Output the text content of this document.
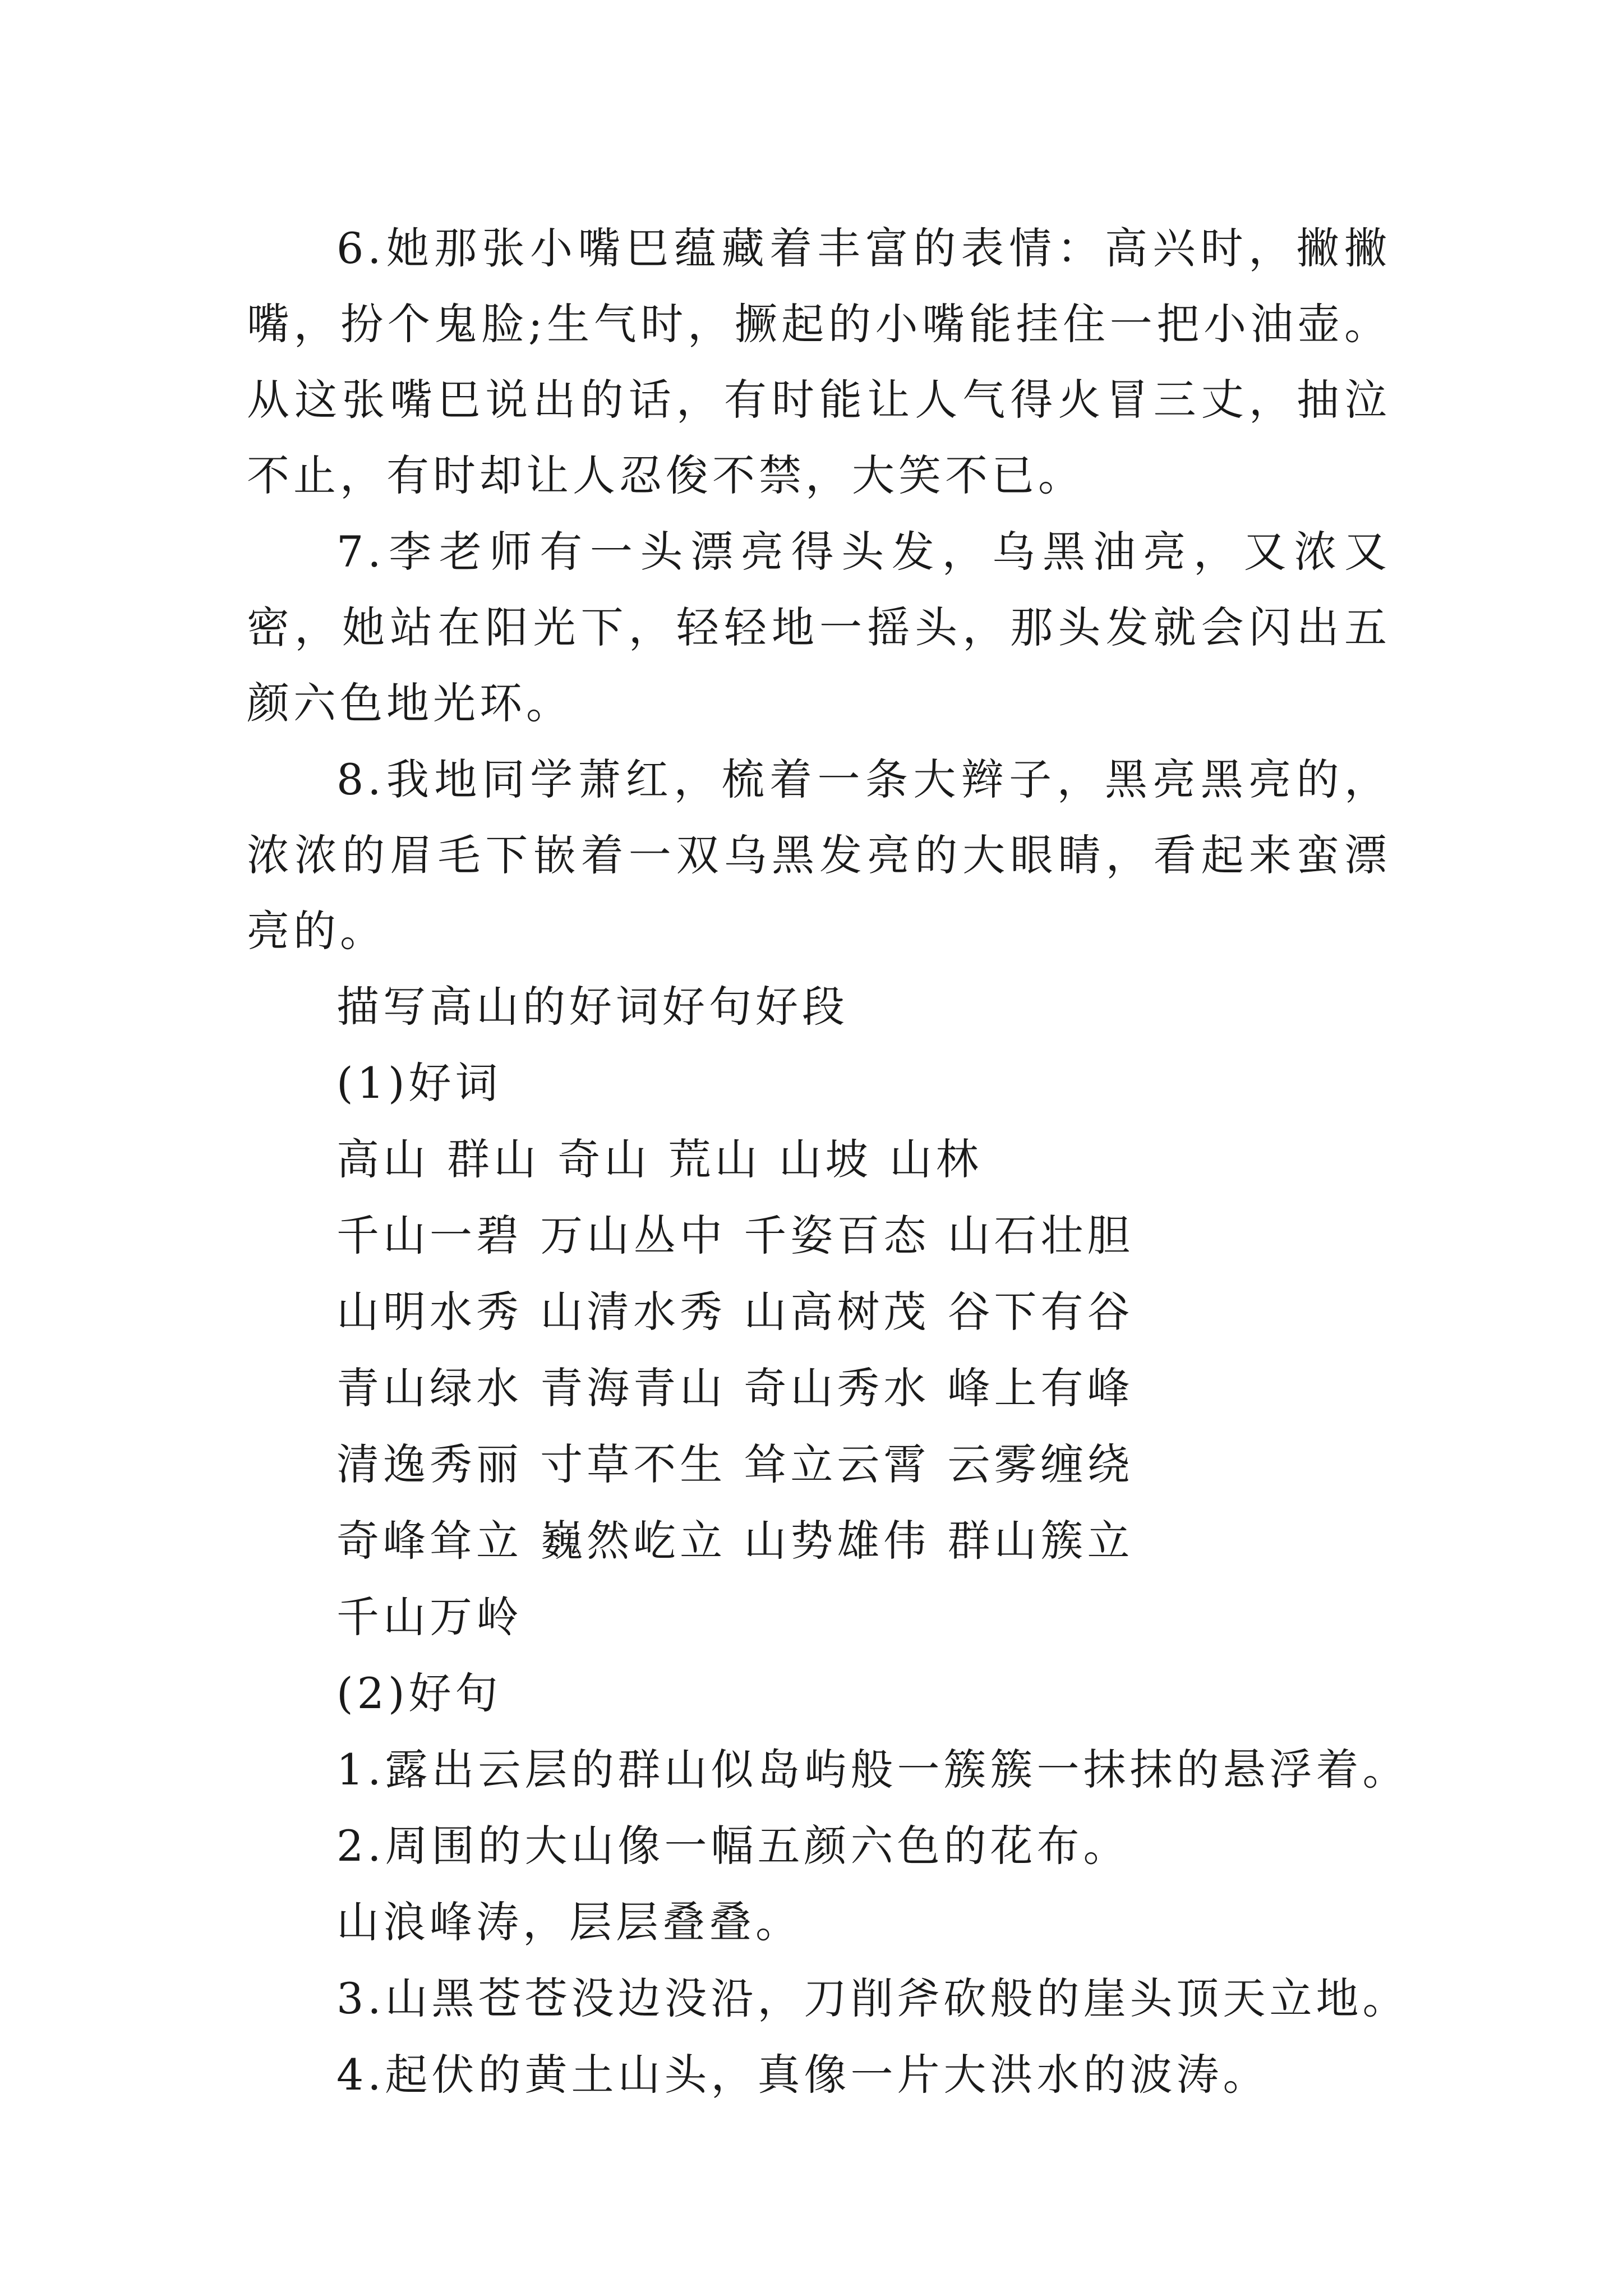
6.她那张小嘴巴蕴藏着丰富的表情：高兴时，撇撇嘴，扮个鬼脸;生气时，撅起的小嘴能挂住一把小油壶。从这张嘴巴说出的话，有时能让人气得火冒三丈，抽泣不止，有时却让人忍俊不禁，大笑不已。

7.李老师有一头漂亮得头发，乌黑油亮，又浓又密，她站在阳光下，轻轻地一摇头，那头发就会闪出五颜六色地光环。

8.我地同学萧红，梳着一条大辫子，黑亮黑亮的，浓浓的眉毛下嵌着一双乌黑发亮的大眼睛，看起来蛮漂亮的。

描写高山的好词好句好段

(1)好词

高山 群山 奇山 荒山 山坡 山林

千山一碧 万山丛中 千姿百态 山石壮胆

山明水秀 山清水秀 山高树茂 谷下有谷

青山绿水 青海青山 奇山秀水 峰上有峰

清逸秀丽 寸草不生 耸立云霄 云雾缠绕

奇峰耸立 巍然屹立 山势雄伟 群山簇立

千山万岭

(2)好句

1.露出云层的群山似岛屿般一簇簇一抹抹的悬浮着。

2.周围的大山像一幅五颜六色的花布。

山浪峰涛，层层叠叠。

3.山黑苍苍没边没沿，刀削斧砍般的崖头顶天立地。

4.起伏的黄土山头，真像一片大洪水的波涛。
